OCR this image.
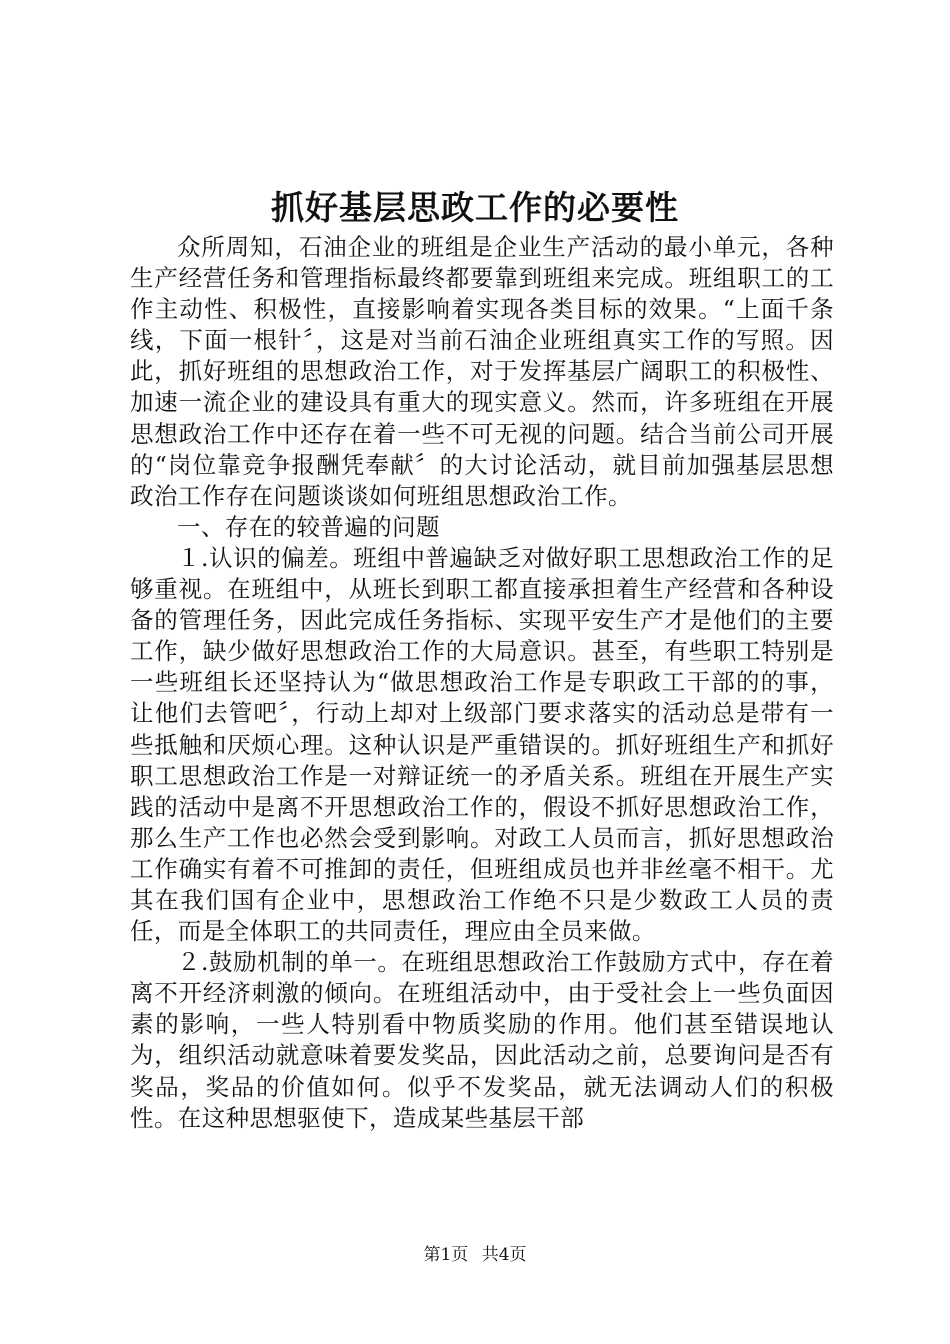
抓好基层思政工作的必要性

众所周知，石油企业的班组是企业生产活动的最小单元，各种生产经营任务和管理指标最终都要靠到班组来完成。班组职工的工作主动性、积极性，直接影响着实现各类目标的效果。“上面千条线，下面一根针〞，这是对当前石油企业班组真实工作的写照。因此，抓好班组的思想政治工作，对于发挥基层广阔职工的积极性、加速一流企业的建设具有重大的现实意义。然而，许多班组在开展思想政治工作中还存在着一些不可无视的问题。结合当前公司开展的“岗位靠竞争报酬凭奉献〞的大讨论活动，就目前加强基层思想政治工作存在问题谈谈如何班组思想政治工作。

一、存在的较普遍的问题

１.认识的偏差。班组中普遍缺乏对做好职工思想政治工作的足够重视。在班组中，从班长到职工都直接承担着生产经营和各种设备的管理任务，因此完成任务指标、实现平安生产才是他们的主要工作，缺少做好思想政治工作的大局意识。甚至，有些职工特别是一些班组长还坚持认为“做思想政治工作是专职政工干部的的事，让他们去管吧〞，行动上却对上级部门要求落实的活动总是带有一些抵触和厌烦心理。这种认识是严重错误的。抓好班组生产和抓好职工思想政治工作是一对辩证统一的矛盾关系。班组在开展生产实践的活动中是离不开思想政治工作的，假设不抓好思想政治工作，那么生产工作也必然会受到影响。对政工人员而言，抓好思想政治工作确实有着不可推卸的责任，但班组成员也并非丝毫不相干。尤其在我们国有企业中，思想政治工作绝不只是少数政工人员的责任，而是全体职工的共同责任，理应由全员来做。

２.鼓励机制的单一。在班组思想政治工作鼓励方式中，存在着离不开经济刺激的倾向。在班组活动中，由于受社会上一些负面因素的影响，一些人特别看中物质奖励的作用。他们甚至错误地认为，组织活动就意味着要发奖品，因此活动之前，总要询问是否有奖品，奖品的价值如何。似乎不发奖品，就无法调动人们的积极性。在这种思想驱使下，造成某些基层干部

第1页 共4页
